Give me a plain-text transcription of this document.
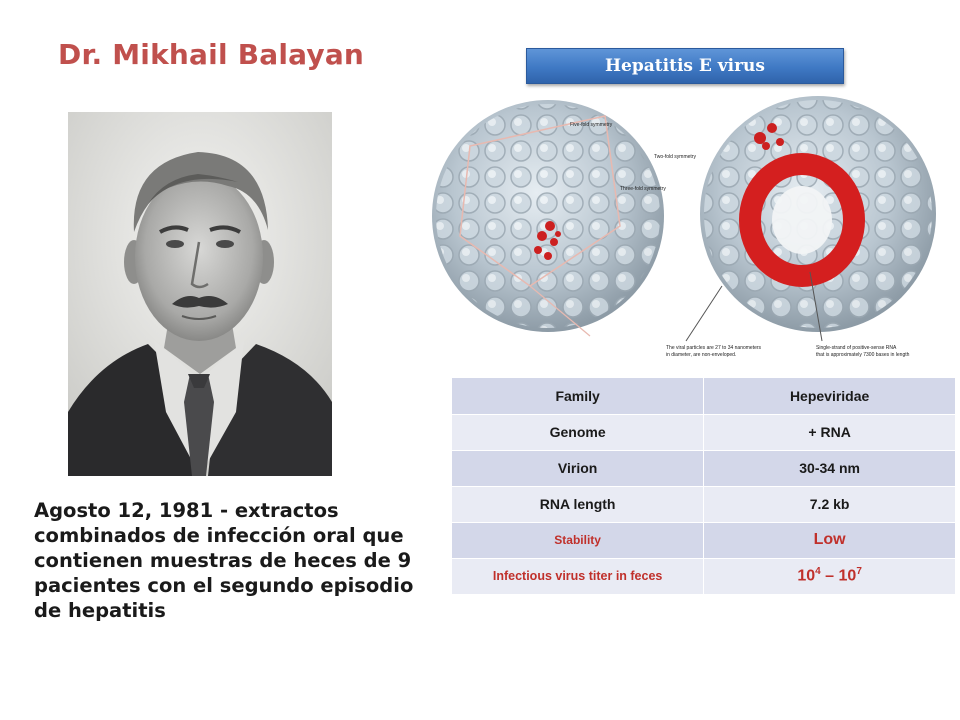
Dr. Mikhail Balayan
Agosto 12, 1981 - extractos combinados de infección oral que contienen muestras de heces de 9 pacientes con el segundo episodio de hepatitis
Hepatitis E virus
Five-fold symmetry
Three-fold symmetry
Two-fold symmetry
The viral particles are 27 to 34 nanometers
in diameter, are non-enveloped.
Single-strand of positive-sense RNA
that is approximately 7300 bases in length
Family	Hepeviridae
Genome	+ RNA
Virion	30-34 nm
RNA length	7.2 kb
Stability	Low
Infectious virus titer in feces	$10^4 - 10^7$
